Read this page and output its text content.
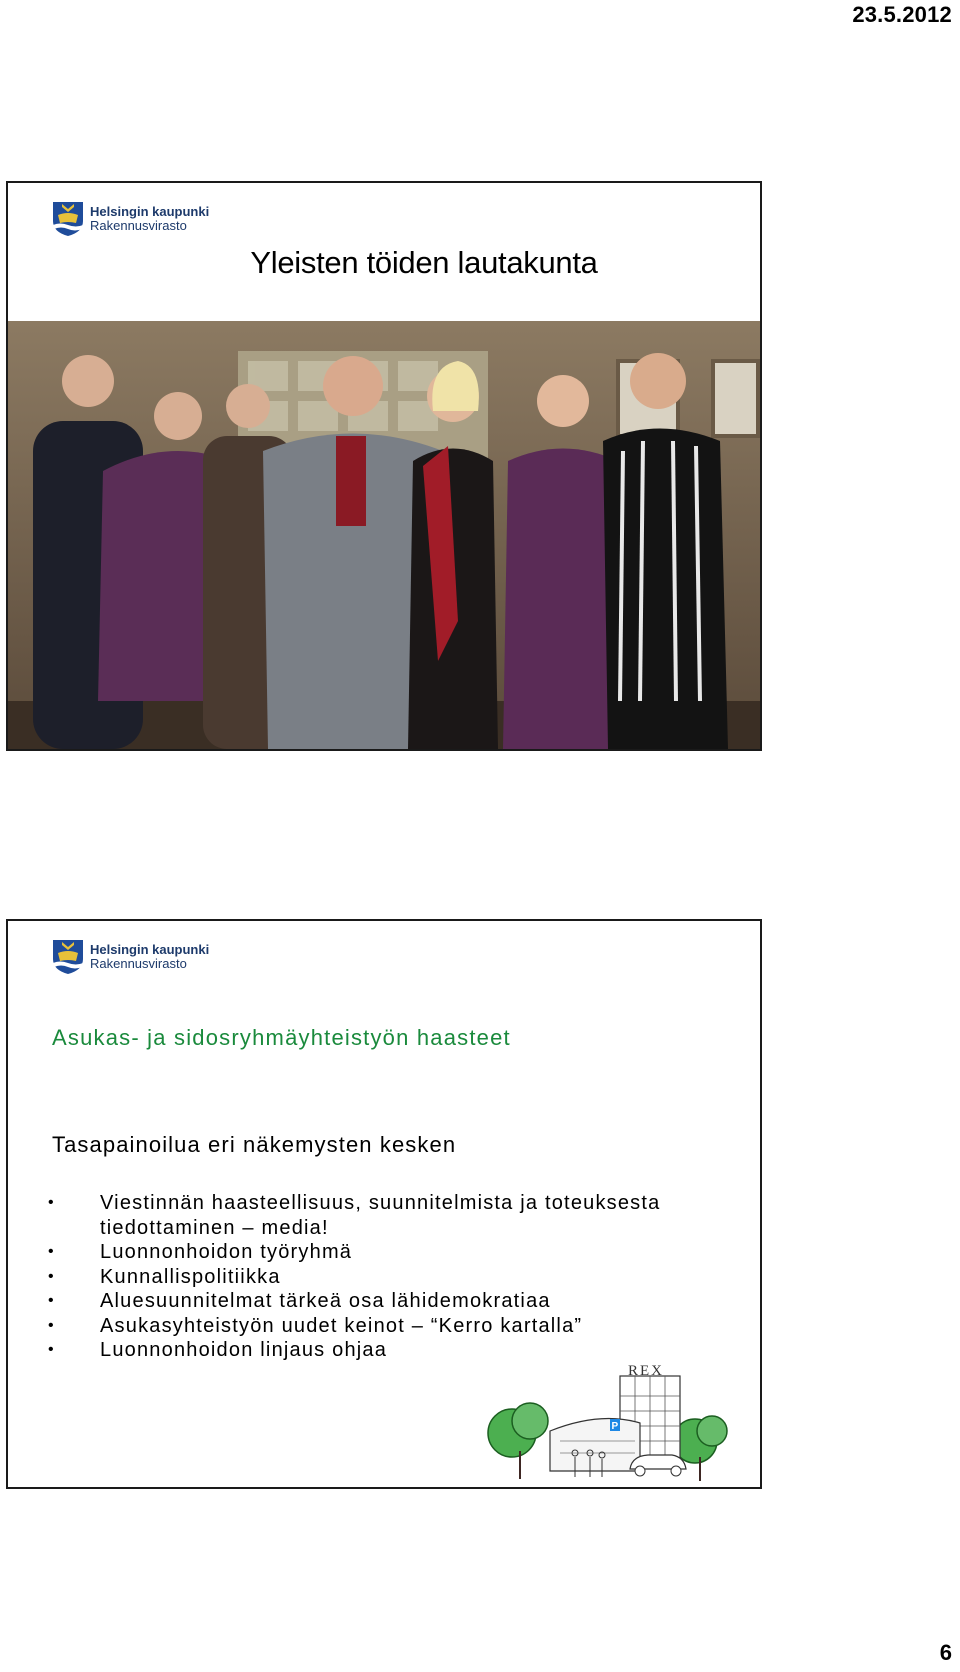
23.5.2012
Helsingin kaupunki
Rakennusvirasto
Yleisten töiden lautakunta
Helsingin kaupunki
Rakennusvirasto
Asukas- ja sidosryhmäyhteistyön haasteet
Tasapainoilua eri näkemysten kesken
• Viestinnän haasteellisuus, suunnitelmista ja toteuksesta tiedottaminen – media!
• Luonnonhoidon työryhmä
• Kunnallispolitiikka
• Aluesuunnitelmat tärkeä osa lähidemokratiaa
• Asukasyhteistyön uudet keinot – “Kerro kartalla”
• Luonnonhoidon linjaus ohjaa
REX
P
6
